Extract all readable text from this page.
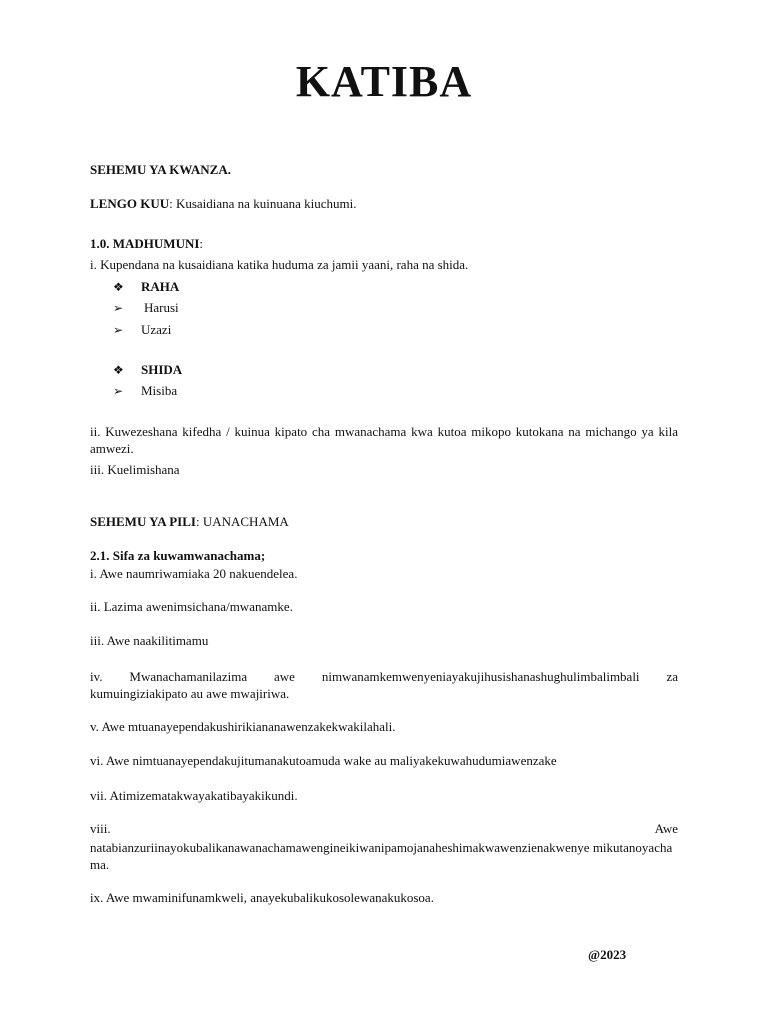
KATIBA
SEHEMU YA KWANZA.
LENGO KUU: Kusaidiana na kuinuana kiuchumi.
1.0. MADHUMUNI:
i. Kupendana na kusaidiana katika huduma za jamii yaani, raha na shida.
❖ RAHA
➢ Harusi
➢ Uzazi
❖ SHIDA
➢ Misiba
ii. Kuwezeshana kifedha / kuinua kipato cha mwanachama kwa kutoa mikopo kutokana na michango ya kila amwezi.
iii. Kuelimishana
SEHEMU YA PILI: UANACHAMA
2.1. Sifa za kuwamwanachama;
i. Awe naumriwamiaka 20 nakuendelea.
ii. Lazima awenimsichana/mwanamke.
iii. Awe naakilitimamu
iv. Mwanachamanilazima awe nimwanamkemwenyeniayakujihusishanashughulimbalimbali za kumuingiziakipato au awe mwajiriwa.
v. Awe mtuanayependakushirikiananawenzakekwakilahali.
vi. Awe nimtuanayependakujitumanakutoamuda wake au maliyakekuwahudumiawenzake
vii. Atimizematakwayakatibayakikundi.
viii.	Awe
natabianzuriinayokubalikanawanachamawengineikiwanipamojanaheshimakwawenzienakwenye mikutanoyachama.
ix. Awe mwaminifunamkweli, anayekubalikukosolewanakukosoa.
@2023
